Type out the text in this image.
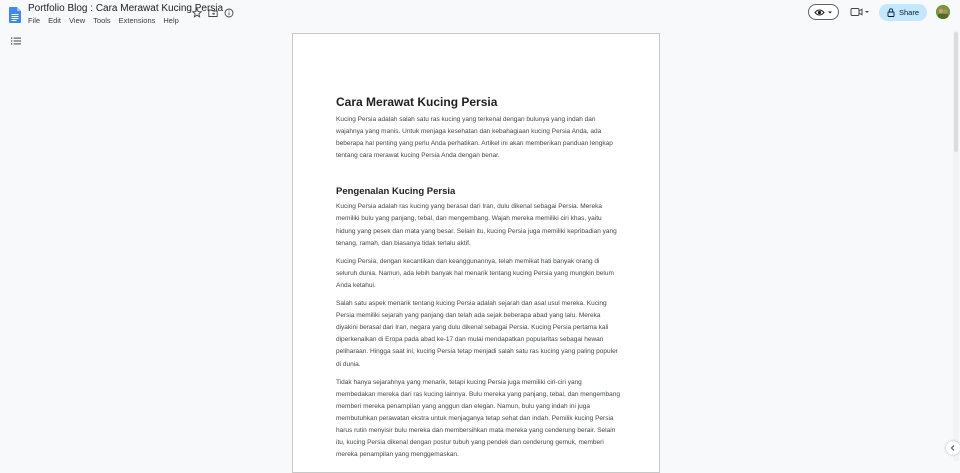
Portfolio Blog : Cara Merawat Kucing Persia
File Edit View Tools Extensions Help
Share
Cara Merawat Kucing Persia

Kucing Persia adalah salah satu ras kucing yang terkenal dengan bulunya yang indah dan wajahnya yang manis. Untuk menjaga kesehatan dan kebahagiaan kucing Persia Anda, ada beberapa hal penting yang perlu Anda perhatikan. Artikel ini akan memberikan panduan lengkap tentang cara merawat kucing Persia Anda dengan benar.

Pengenalan Kucing Persia

Kucing Persia adalah ras kucing yang berasal dari Iran, dulu dikenal sebagai Persia. Mereka memiliki bulu yang panjang, tebal, dan mengembang. Wajah mereka memiliki ciri khas, yaitu hidung yang pesek dan mata yang besar. Selain itu, kucing Persia juga memiliki kepribadian yang tenang, ramah, dan biasanya tidak terlalu aktif.

Kucing Persia, dengan kecantikan dan keanggunannya, telah memikat hati banyak orang di seluruh dunia. Namun, ada lebih banyak hal menarik tentang kucing Persia yang mungkin belum Anda ketahui.

Salah satu aspek menarik tentang kucing Persia adalah sejarah dan asal usul mereka. Kucing Persia memiliki sejarah yang panjang dan telah ada sejak beberapa abad yang lalu. Mereka diyakini berasal dari Iran, negara yang dulu dikenal sebagai Persia. Kucing Persia pertama kali diperkenalkan di Eropa pada abad ke-17 dan mulai mendapatkan popularitas sebagai hewan peliharaan. Hingga saat ini, kucing Persia tetap menjadi salah satu ras kucing yang paling populer di dunia.

Tidak hanya sejarahnya yang menarik, tetapi kucing Persia juga memiliki ciri-ciri yang membedakan mereka dari ras kucing lainnya. Bulu mereka yang panjang, tebal, dan mengembang memberi mereka penampilan yang anggun dan elegan. Namun, bulu yang indah ini juga membutuhkan perawatan ekstra untuk menjaganya tetap sehat dan indah. Pemilik kucing Persia harus rutin menyisir bulu mereka dan membersihkan mata mereka yang cenderung berair. Selain itu, kucing Persia dikenal dengan postur tubuh yang pendek dan cenderung gemuk, memberi mereka penampilan yang menggemaskan.
